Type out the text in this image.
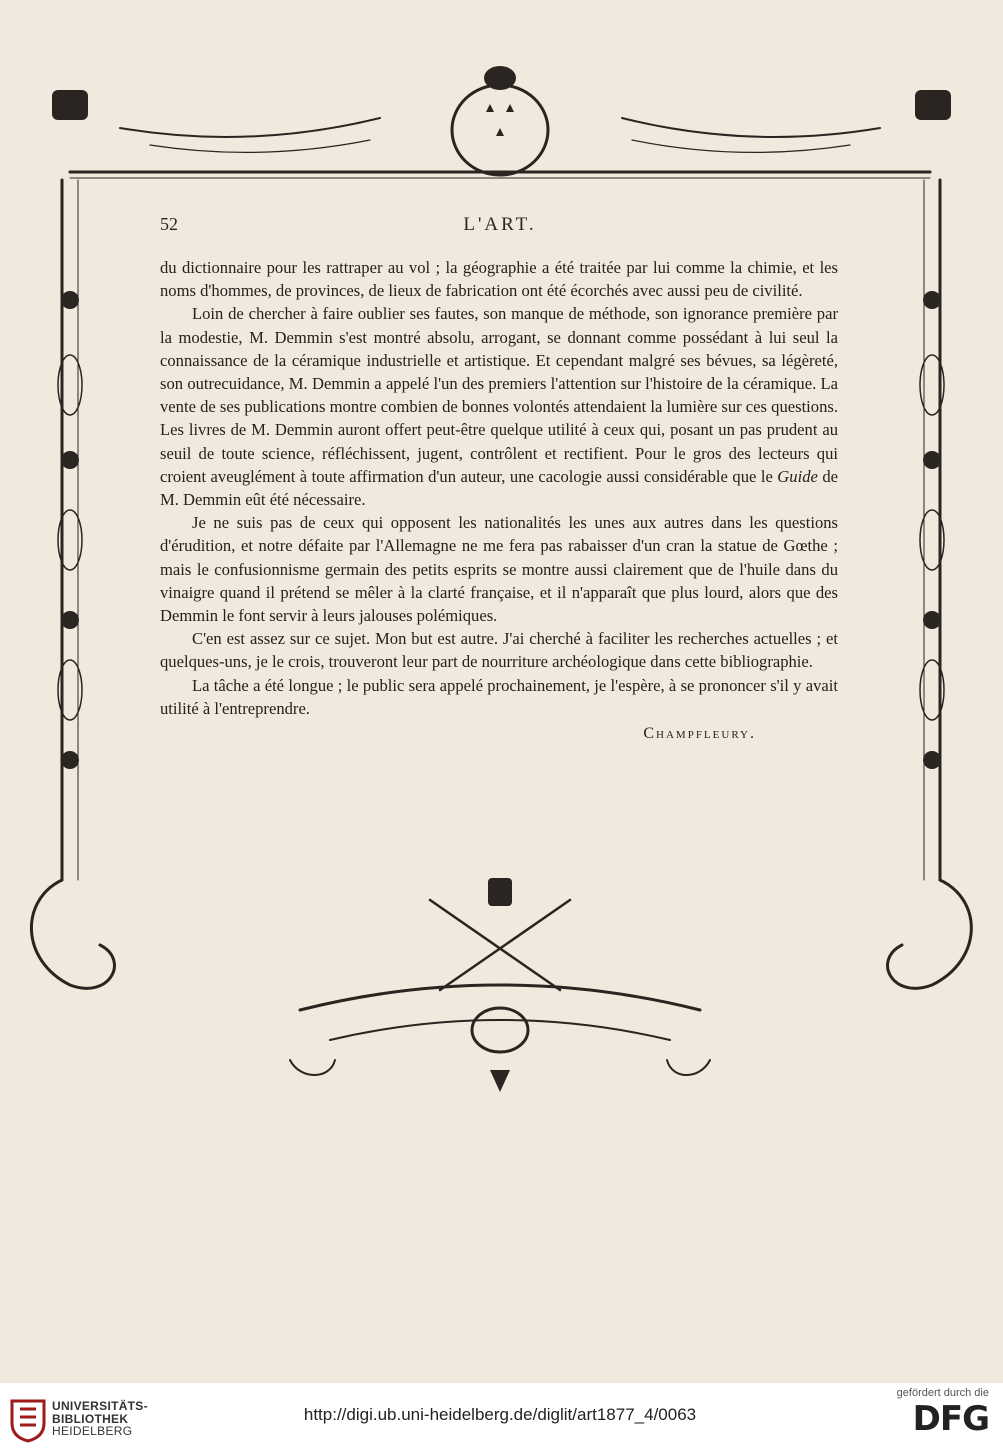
52	L'ART.

du dictionnaire pour les rattraper au vol ; la géographie a été traitée par lui comme la chimie, et les noms d'hommes, de provinces, de lieux de fabrication ont été écorchés avec aussi peu de civilité.

Loin de chercher à faire oublier ses fautes, son manque de méthode, son ignorance première par la modestie, M. Demmin s'est montré absolu, arrogant, se donnant comme possédant à lui seul la connaissance de la céramique industrielle et artistique. Et cependant malgré ses bévues, sa légèreté, son outrecuidance, M. Demmin a appelé l'un des premiers l'attention sur l'histoire de la céramique. La vente de ses publications montre combien de bonnes volontés attendaient la lumière sur ces questions. Les livres de M. Demmin auront offert peut-être quelque utilité à ceux qui, posant un pas prudent au seuil de toute science, réfléchissent, jugent, contrôlent et rectifient. Pour le gros des lecteurs qui croient aveuglément à toute affirmation d'un auteur, une cacologie aussi considérable que le Guide de M. Demmin eût été nécessaire.

Je ne suis pas de ceux qui opposent les nationalités les unes aux autres dans les questions d'érudition, et notre défaite par l'Allemagne ne me fera pas rabaisser d'un cran la statue de Gœthe ; mais le confusionnisme germain des petits esprits se montre aussi clairement que de l'huile dans du vinaigre quand il prétend se mêler à la clarté française, et il n'apparaît que plus lourd, alors que des Demmin le font servir à leurs jalouses polémiques.

C'en est assez sur ce sujet. Mon but est autre. J'ai cherché à faciliter les recherches actuelles ; et quelques-uns, je le crois, trouveront leur part de nourriture archéologique dans cette bibliographie.

La tâche a été longue ; le public sera appelé prochainement, je l'espère, à se prononcer s'il y avait utilité à l'entreprendre.

Champfleury.
UNIVERSITÄTS-
BIBLIOTHEK
HEIDELBERG
http://digi.ub.uni-heidelberg.de/diglit/art1877_4/0063
gefördert durch die
DFG
